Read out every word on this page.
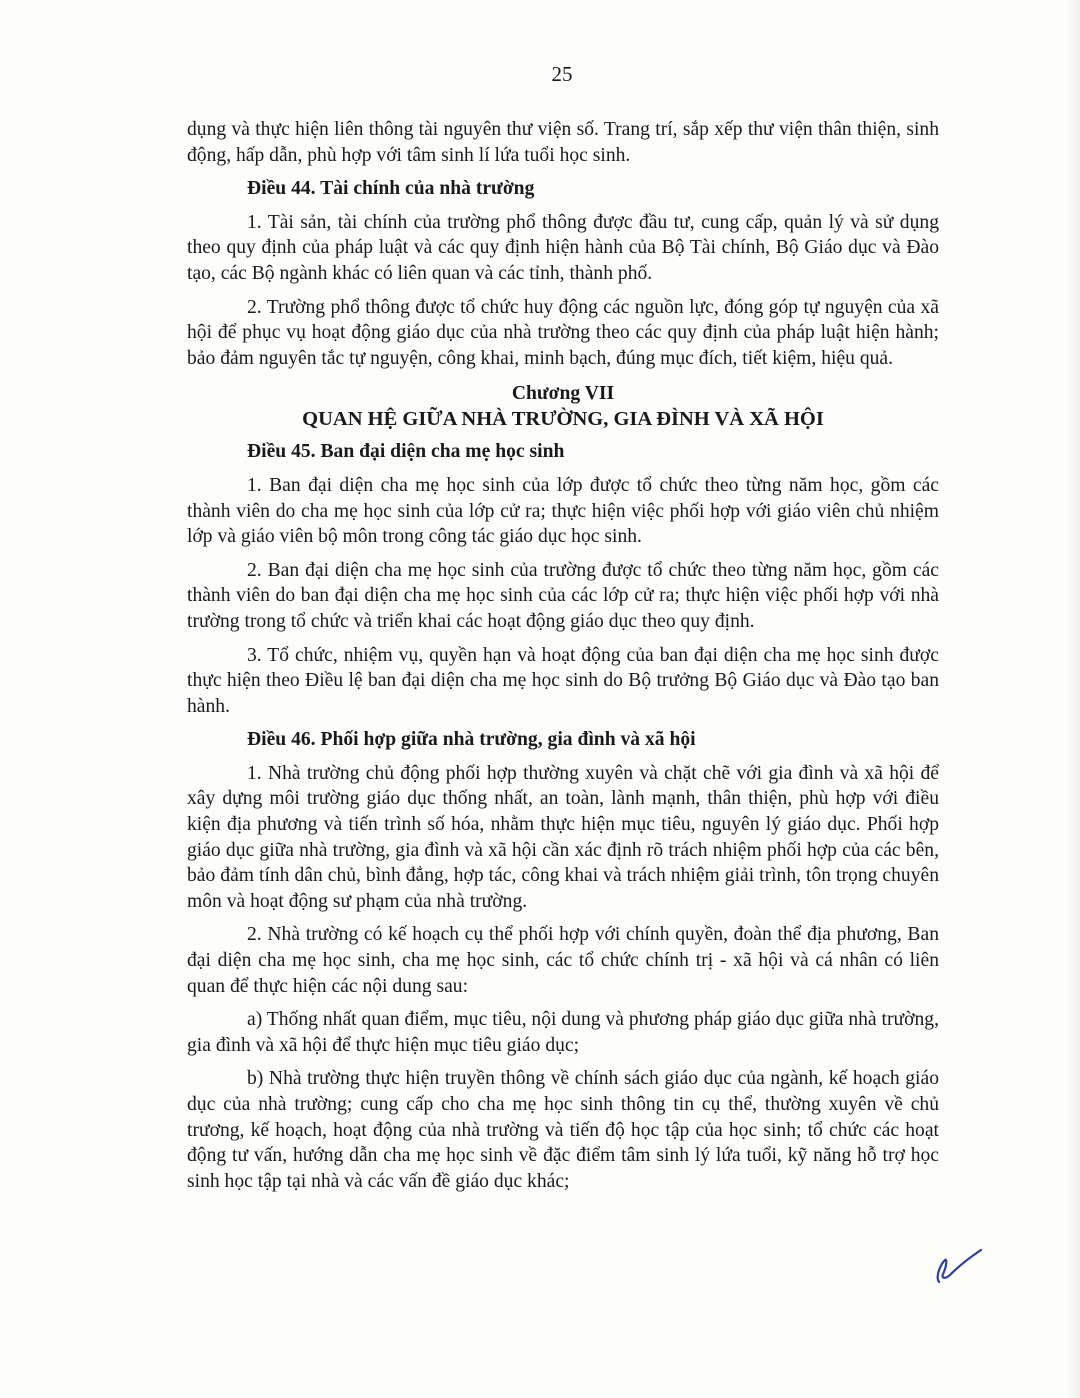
25

dụng và thực hiện liên thông tài nguyên thư viện số. Trang trí, sắp xếp thư viện thân thiện, sinh động, hấp dẫn, phù hợp với tâm sinh lí lứa tuổi học sinh.

Điều 44. Tài chính của nhà trường

1. Tài sản, tài chính của trường phổ thông được đầu tư, cung cấp, quản lý và sử dụng theo quy định của pháp luật và các quy định hiện hành của Bộ Tài chính, Bộ Giáo dục và Đào tạo, các Bộ ngành khác có liên quan và các tỉnh, thành phố.

2. Trường phổ thông được tổ chức huy động các nguồn lực, đóng góp tự nguyện của xã hội để phục vụ hoạt động giáo dục của nhà trường theo các quy định của pháp luật hiện hành; bảo đảm nguyên tắc tự nguyện, công khai, minh bạch, đúng mục đích, tiết kiệm, hiệu quả.

Chương VII
QUAN HỆ GIỮA NHÀ TRƯỜNG, GIA ĐÌNH VÀ XÃ HỘI
Điều 45. Ban đại diện cha mẹ học sinh

1. Ban đại diện cha mẹ học sinh của lớp được tổ chức theo từng năm học, gồm các thành viên do cha mẹ học sinh của lớp cử ra; thực hiện việc phối hợp với giáo viên chủ nhiệm lớp và giáo viên bộ môn trong công tác giáo dục học sinh.

2. Ban đại diện cha mẹ học sinh của trường được tổ chức theo từng năm học, gồm các thành viên do ban đại diện cha mẹ học sinh của các lớp cử ra; thực hiện việc phối hợp với nhà trường trong tổ chức và triển khai các hoạt động giáo dục theo quy định.

3. Tổ chức, nhiệm vụ, quyền hạn và hoạt động của ban đại diện cha mẹ học sinh được thực hiện theo Điều lệ ban đại diện cha mẹ học sinh do Bộ trưởng Bộ Giáo dục và Đào tạo ban hành.

Điều 46. Phối hợp giữa nhà trường, gia đình và xã hội

1. Nhà trường chủ động phối hợp thường xuyên và chặt chẽ với gia đình và xã hội để xây dựng môi trường giáo dục thống nhất, an toàn, lành mạnh, thân thiện, phù hợp với điều kiện địa phương và tiến trình số hóa, nhằm thực hiện mục tiêu, nguyên lý giáo dục. Phối hợp giáo dục giữa nhà trường, gia đình và xã hội cần xác định rõ trách nhiệm phối hợp của các bên, bảo đảm tính dân chủ, bình đẳng, hợp tác, công khai và trách nhiệm giải trình, tôn trọng chuyên môn và hoạt động sư phạm của nhà trường.

2. Nhà trường có kế hoạch cụ thể phối hợp với chính quyền, đoàn thể địa phương, Ban đại diện cha mẹ học sinh, cha mẹ học sinh, các tổ chức chính trị - xã hội và cá nhân có liên quan để thực hiện các nội dung sau:

a) Thống nhất quan điểm, mục tiêu, nội dung và phương pháp giáo dục giữa nhà trường, gia đình và xã hội để thực hiện mục tiêu giáo dục;

b) Nhà trường thực hiện truyền thông về chính sách giáo dục của ngành, kế hoạch giáo dục của nhà trường; cung cấp cho cha mẹ học sinh thông tin cụ thể, thường xuyên về chủ trương, kế hoạch, hoạt động của nhà trường và tiến độ học tập của học sinh; tổ chức các hoạt động tư vấn, hướng dẫn cha mẹ học sinh về đặc điểm tâm sinh lý lứa tuổi, kỹ năng hỗ trợ học sinh học tập tại nhà và các vấn đề giáo dục khác;
